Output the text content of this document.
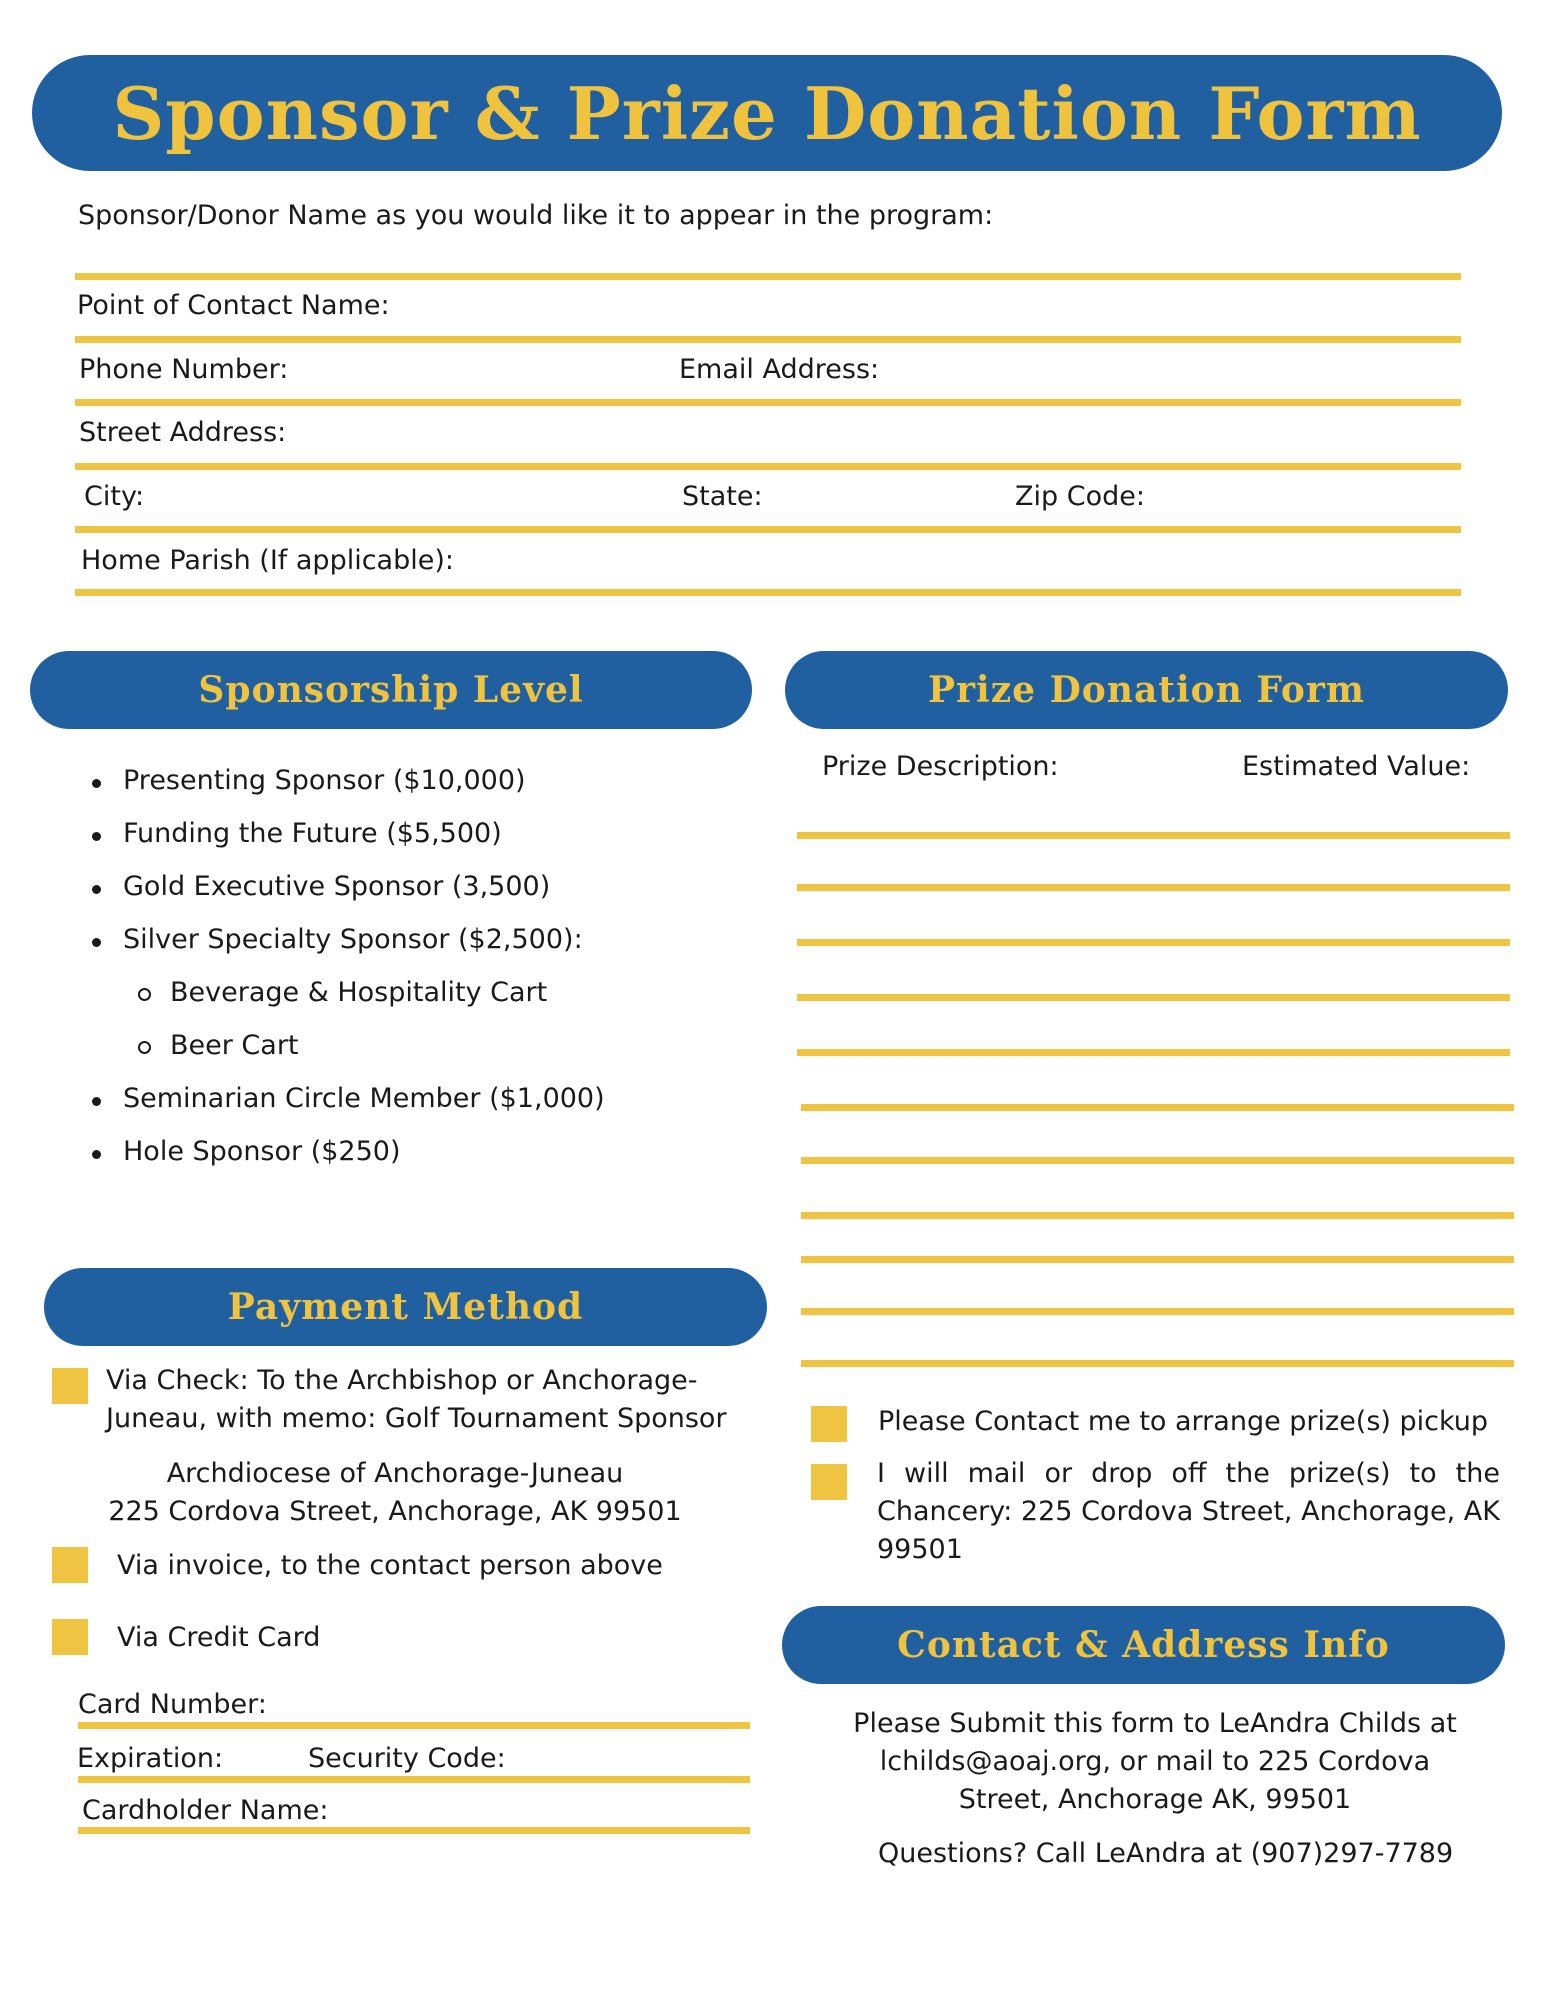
Sponsor & Prize Donation Form
Sponsor/Donor Name as you would like it to appear in the program:
Point of Contact Name:
Phone Number:	Email Address:
Street Address:
City:	State:	Zip Code:
Home Parish (If applicable):
Sponsorship Level
Presenting Sponsor ($10,000)
Funding the Future ($5,500)
Gold Executive Sponsor (3,500)
Silver Specialty Sponsor ($2,500):
Beverage & Hospitality Cart
Beer Cart
Seminarian Circle Member ($1,000)
Hole Sponsor ($250)
Prize Donation Form
Prize Description:	Estimated Value:
Please Contact me to arrange prize(s) pickup
I will mail or drop off the prize(s) to the Chancery: 225 Cordova Street, Anchorage, AK 99501
Payment Method
Via Check: To the Archbishop or Anchorage-Juneau, with memo: Golf Tournament Sponsor
Archdiocese of Anchorage-Juneau
225 Cordova Street, Anchorage, AK 99501
Via invoice, to the contact person above
Via Credit Card
Card Number:
Expiration:	Security Code:
Cardholder Name:
Contact & Address Info
Please Submit this form to LeAndra Childs at lchilds@aoaj.org, or mail to 225 Cordova Street, Anchorage AK, 99501
Questions? Call LeAndra at (907)297-7789
